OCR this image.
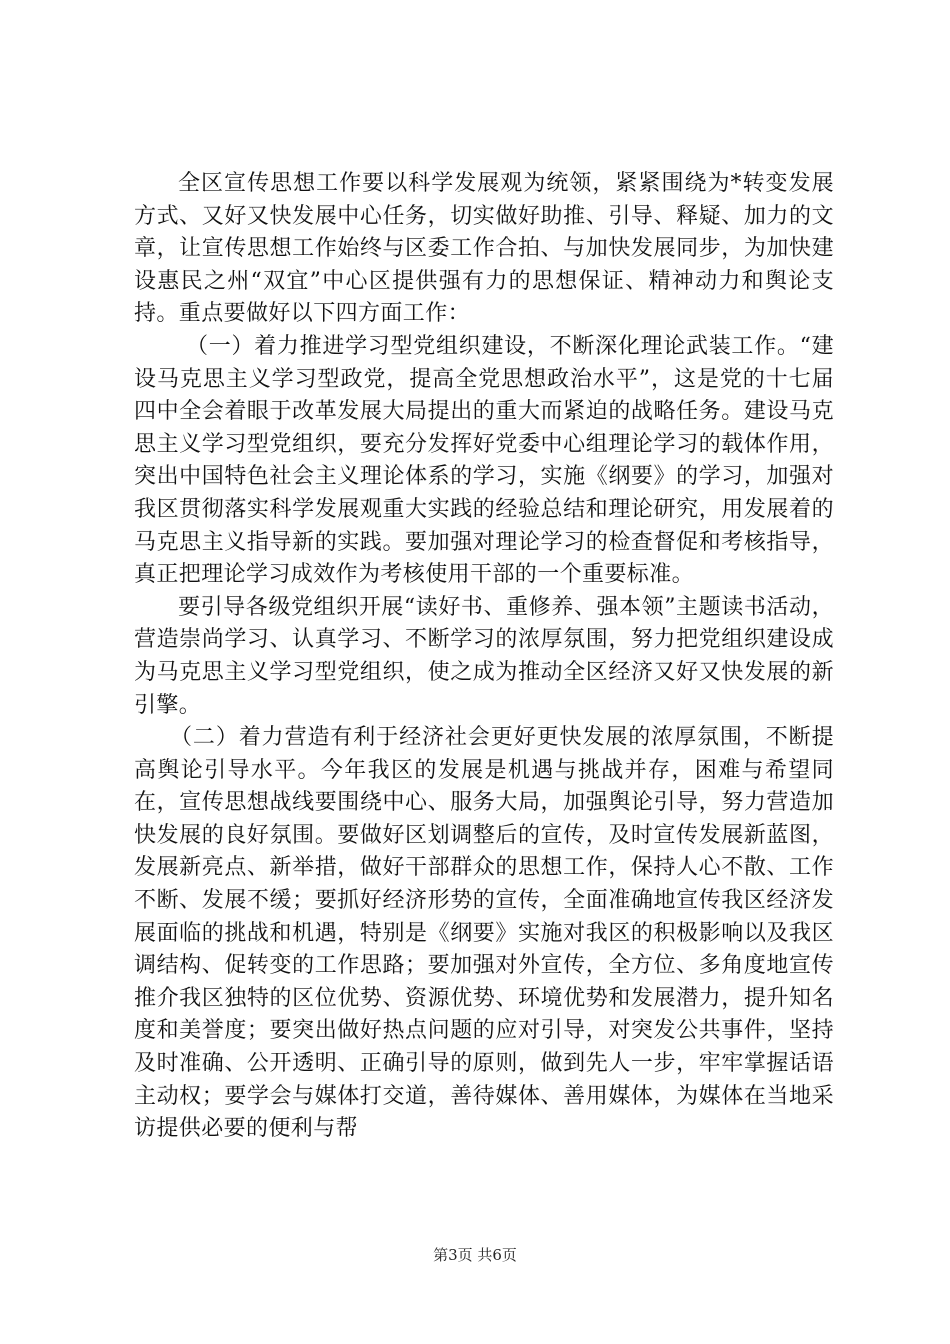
全区宣传思想工作要以科学发展观为统领，紧紧围绕为*转变发展方式、又好又快发展中心任务，切实做好助推、引导、释疑、加力的文章，让宣传思想工作始终与区委工作合拍、与加快发展同步，为加快建设惠民之州“双宜”中心区提供强有力的思想保证、精神动力和舆论支持。重点要做好以下四方面工作：

（一）着力推进学习型党组织建设，不断深化理论武装工作。“建设马克思主义学习型政党，提高全党思想政治水平”，这是党的十七届四中全会着眼于改革发展大局提出的重大而紧迫的战略任务。建设马克思主义学习型党组织，要充分发挥好党委中心组理论学习的载体作用，突出中国特色社会主义理论体系的学习，实施《纲要》的学习，加强对我区贯彻落实科学发展观重大实践的经验总结和理论研究，用发展着的马克思主义指导新的实践。要加强对理论学习的检查督促和考核指导，真正把理论学习成效作为考核使用干部的一个重要标准。

要引导各级党组织开展“读好书、重修养、强本领”主题读书活动，营造崇尚学习、认真学习、不断学习的浓厚氛围，努力把党组织建设成为马克思主义学习型党组织，使之成为推动全区经济又好又快发展的新引擎。

（二）着力营造有利于经济社会更好更快发展的浓厚氛围，不断提高舆论引导水平。今年我区的发展是机遇与挑战并存，困难与希望同在，宣传思想战线要围绕中心、服务大局，加强舆论引导，努力营造加快发展的良好氛围。要做好区划调整后的宣传，及时宣传发展新蓝图，发展新亮点、新举措，做好干部群众的思想工作，保持人心不散、工作不断、发展不缓；要抓好经济形势的宣传，全面准确地宣传我区经济发展面临的挑战和机遇，特别是《纲要》实施对我区的积极影响以及我区调结构、促转变的工作思路；要加强对外宣传，全方位、多角度地宣传推介我区独特的区位优势、资源优势、环境优势和发展潜力，提升知名度和美誉度；要突出做好热点问题的应对引导，对突发公共事件，坚持及时准确、公开透明、正确引导的原则，做到先人一步，牢牢掌握话语主动权；要学会与媒体打交道，善待媒体、善用媒体，为媒体在当地采访提供必要的便利与帮

第3页 共6页
